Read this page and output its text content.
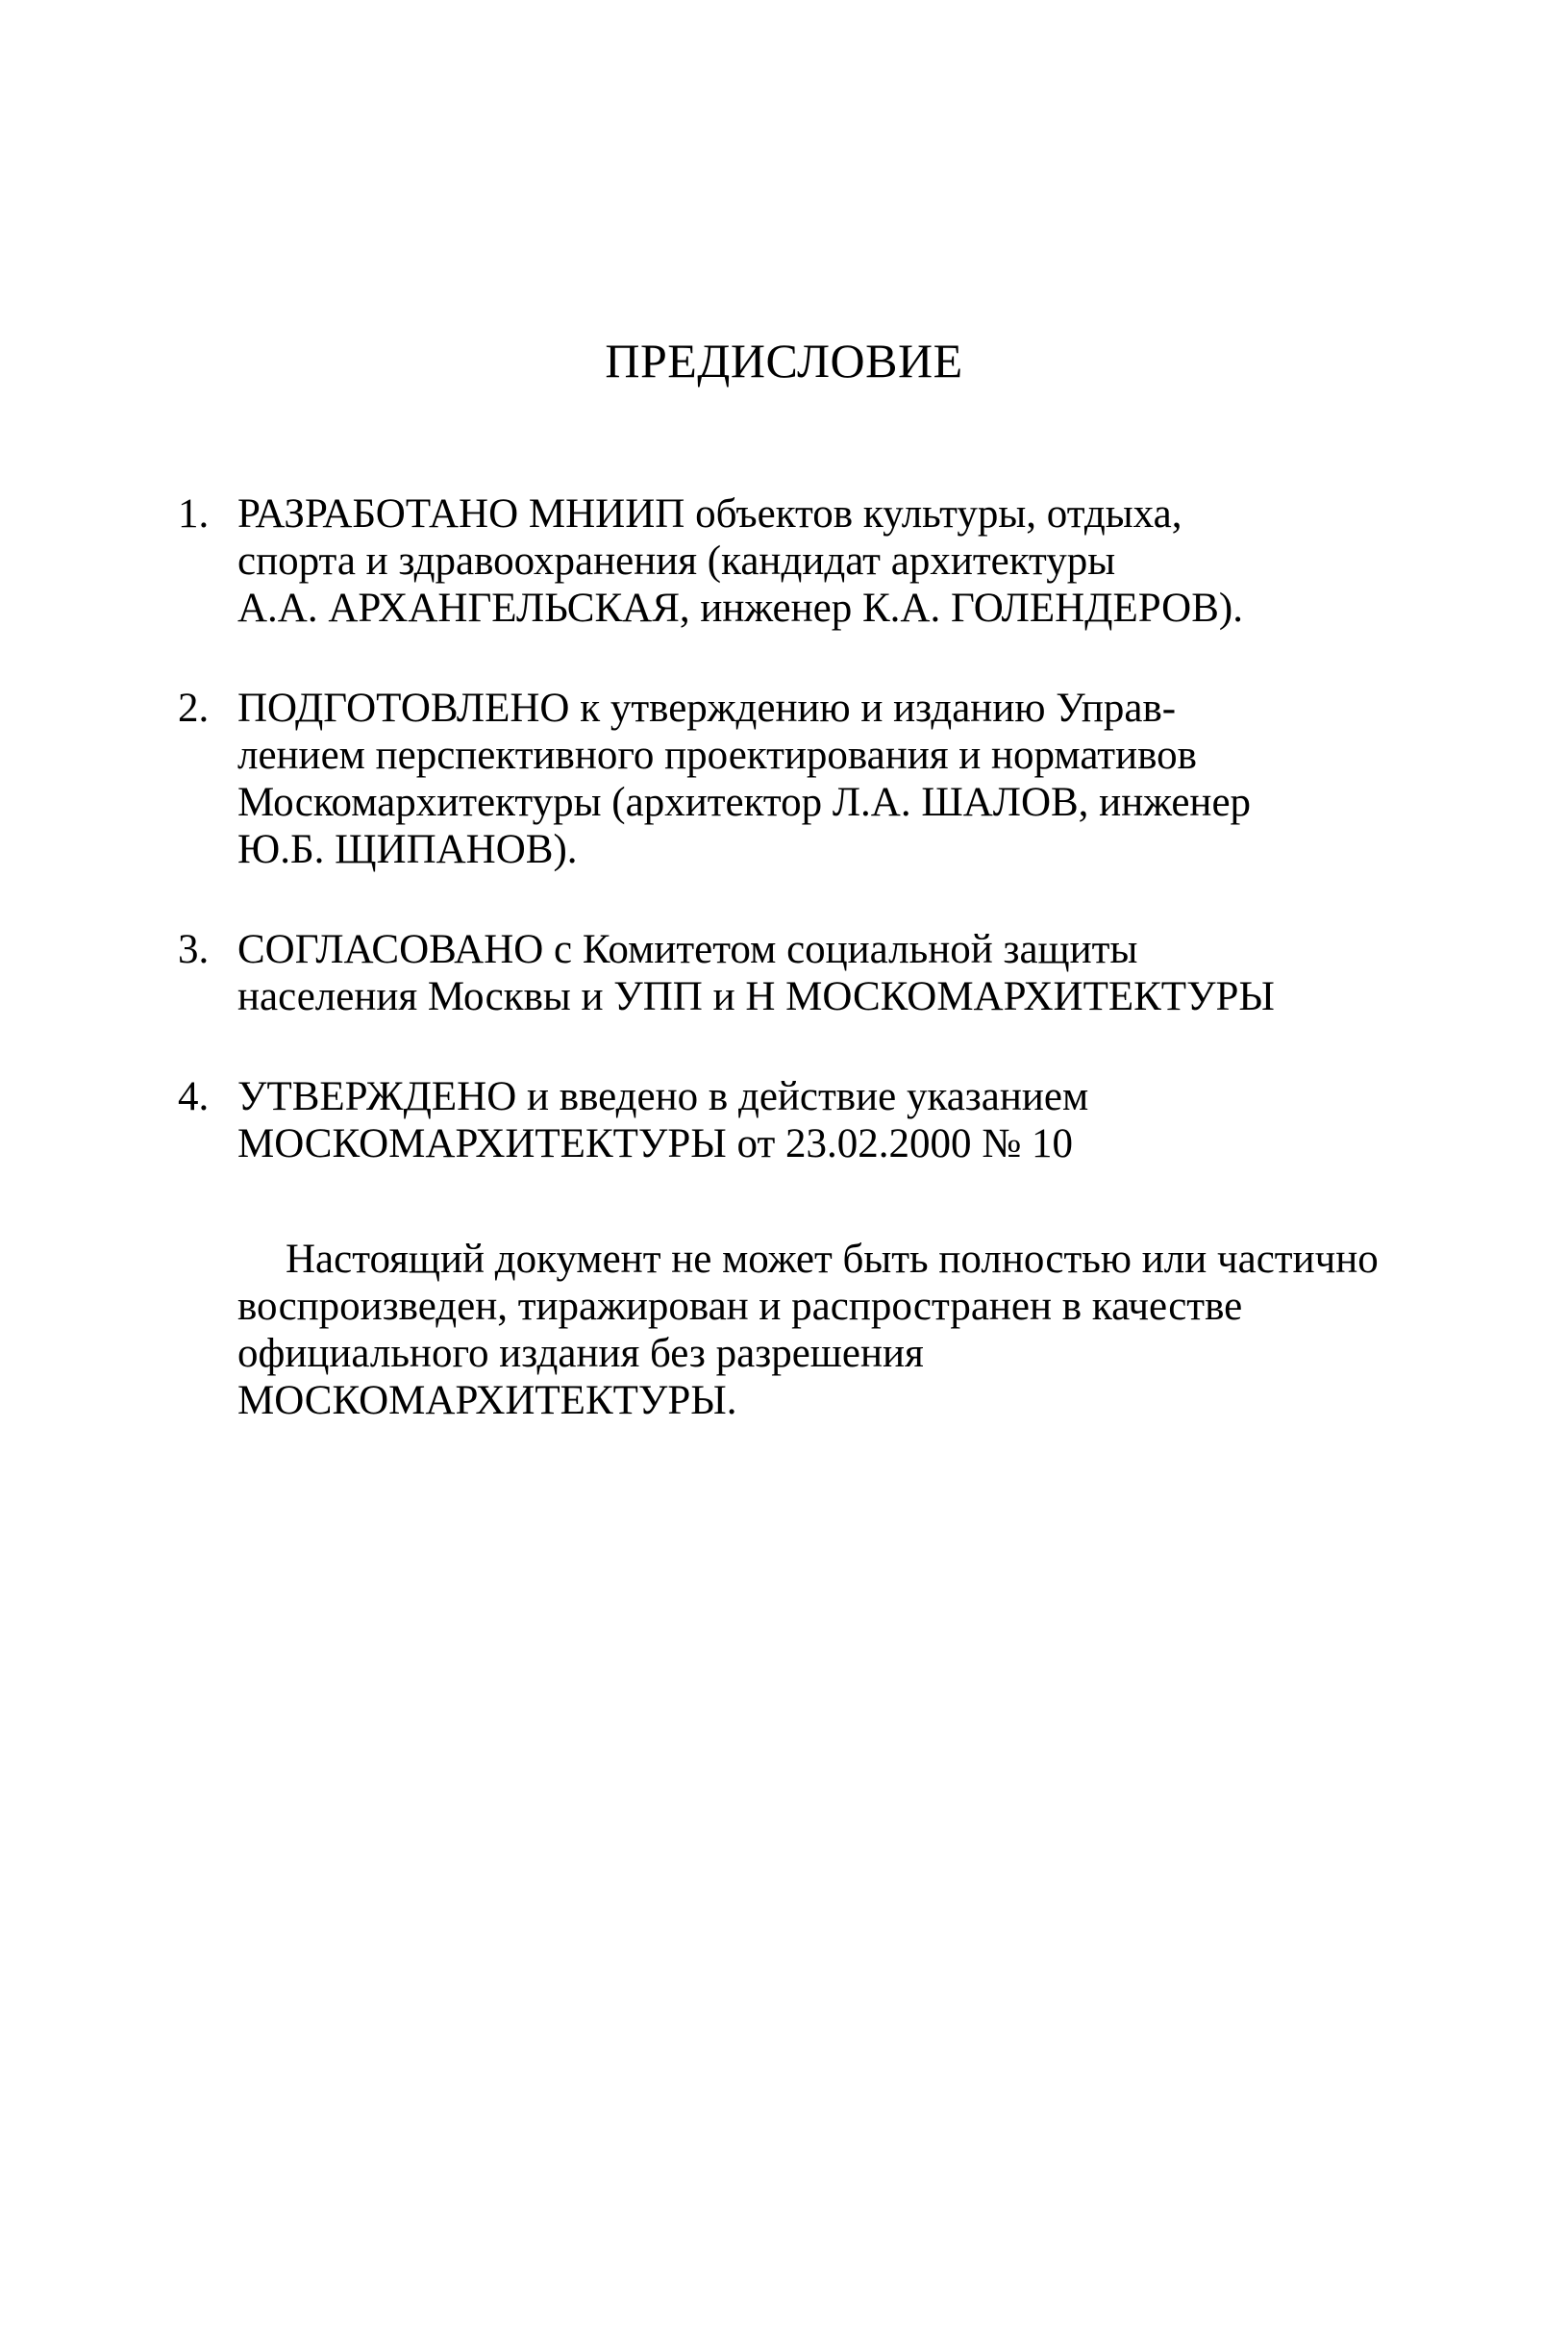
ПРЕДИСЛОВИЕ
1. РАЗРАБОТАНО МНИИП объектов культуры, отдыха,
спорта и здравоохранения (кандидат архитектуры
А.А. АРХАНГЕЛЬСКАЯ, инженер К.А. ГОЛЕНДЕРОВ).
2. ПОДГОТОВЛЕНО к утверждению и изданию Управ-
лением перспективного проектирования и нормативов
Москомархитектуры (архитектор Л.А. ШАЛОВ, инженер
Ю.Б. ЩИПАНОВ).
3. СОГЛАСОВАНО с Комитетом социальной защиты
населения Москвы и УПП и Н МОСКОМАРХИТЕКТУРЫ
4. УТВЕРЖДЕНО и введено в действие указанием
МОСКОМАРХИТЕКТУРЫ от 23.02.2000 № 10

Настоящий документ не может быть полностью или частично
воспроизведен, тиражирован и распространен в качестве
официального издания без разрешения
МОСКОМАРХИТЕКТУРЫ.
